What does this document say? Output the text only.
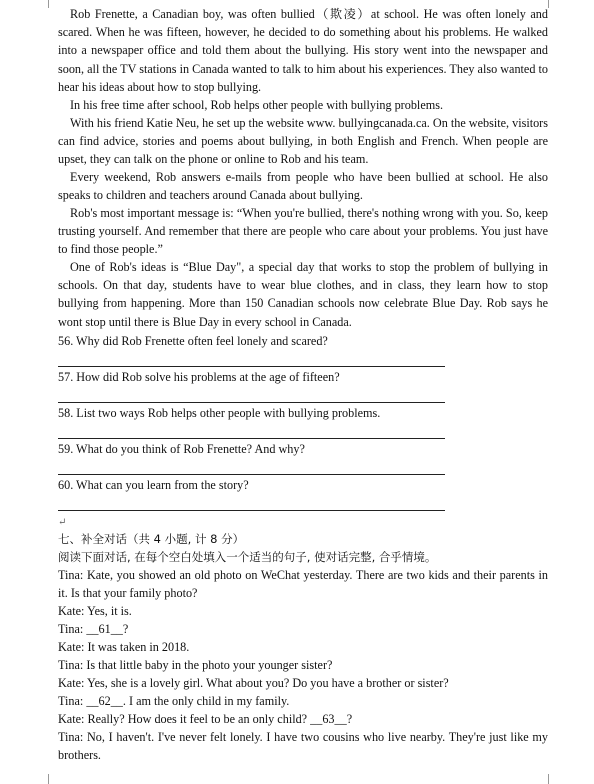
Rob Frenette, a Canadian boy, was often bullied（欺凌）at school. He was often lonely and scared. When he was fifteen, however, he decided to do something about his problems. He walked into a newspaper office and told them about the bullying. His story went into the newspaper and soon, all the TV stations in Canada wanted to talk to him about his experiences. They also wanted to hear his ideas about how to stop bullying.
In his free time after school, Rob helps other people with bullying problems.
With his friend Katie Neu, he set up the website www. bullyingcanada.ca. On the website, visitors can find advice, stories and poems about bullying, in both English and French. When people are upset, they can talk on the phone or online to Rob and his team.
Every weekend, Rob answers e-mails from people who have been bullied at school. He also speaks to children and teachers around Canada about bullying.
Rob's most important message is: “When you're bullied, there's nothing wrong with you. So, keep trusting yourself. And remember that there are people who care about your problems. You just have to find those people.”
One of Rob's ideas is “Blue Day", a special day that works to stop the problem of bullying in schools. On that day, students have to wear blue clothes, and in class, they learn how to stop bullying from happening. More than 150 Canadian schools now celebrate Blue Day. Rob says he wont stop until there is Blue Day in every school in Canada.
56. Why did Rob Frenette often feel lonely and scared?
57. How did Rob solve his problems at the age of fifteen?
58. List two ways Rob helps other people with bullying problems.
59. What do you think of Rob Frenette? And why?
60. What can you learn from the story?
↵
七、补全对话（共 4 小题, 计 8 分）
阅读下面对话, 在每个空白处填入一个适当的句子, 使对话完整, 合乎情境。
Tina: Kate, you showed an old photo on WeChat yesterday. There are two kids and their parents in it. Is that your family photo?
Kate: Yes, it is.
Tina: __61__?
Kate: It was taken in 2018.
Tina: Is that little baby in the photo your younger sister?
Kate: Yes, she is a lovely girl. What about you? Do you have a brother or sister?
Tina: __62__. I am the only child in my family.
Kate: Really? How does it feel to be an only child? __63__?
Tina: No, I haven't. I've never felt lonely. I have two cousins who live nearby. They're just like my brothers.
